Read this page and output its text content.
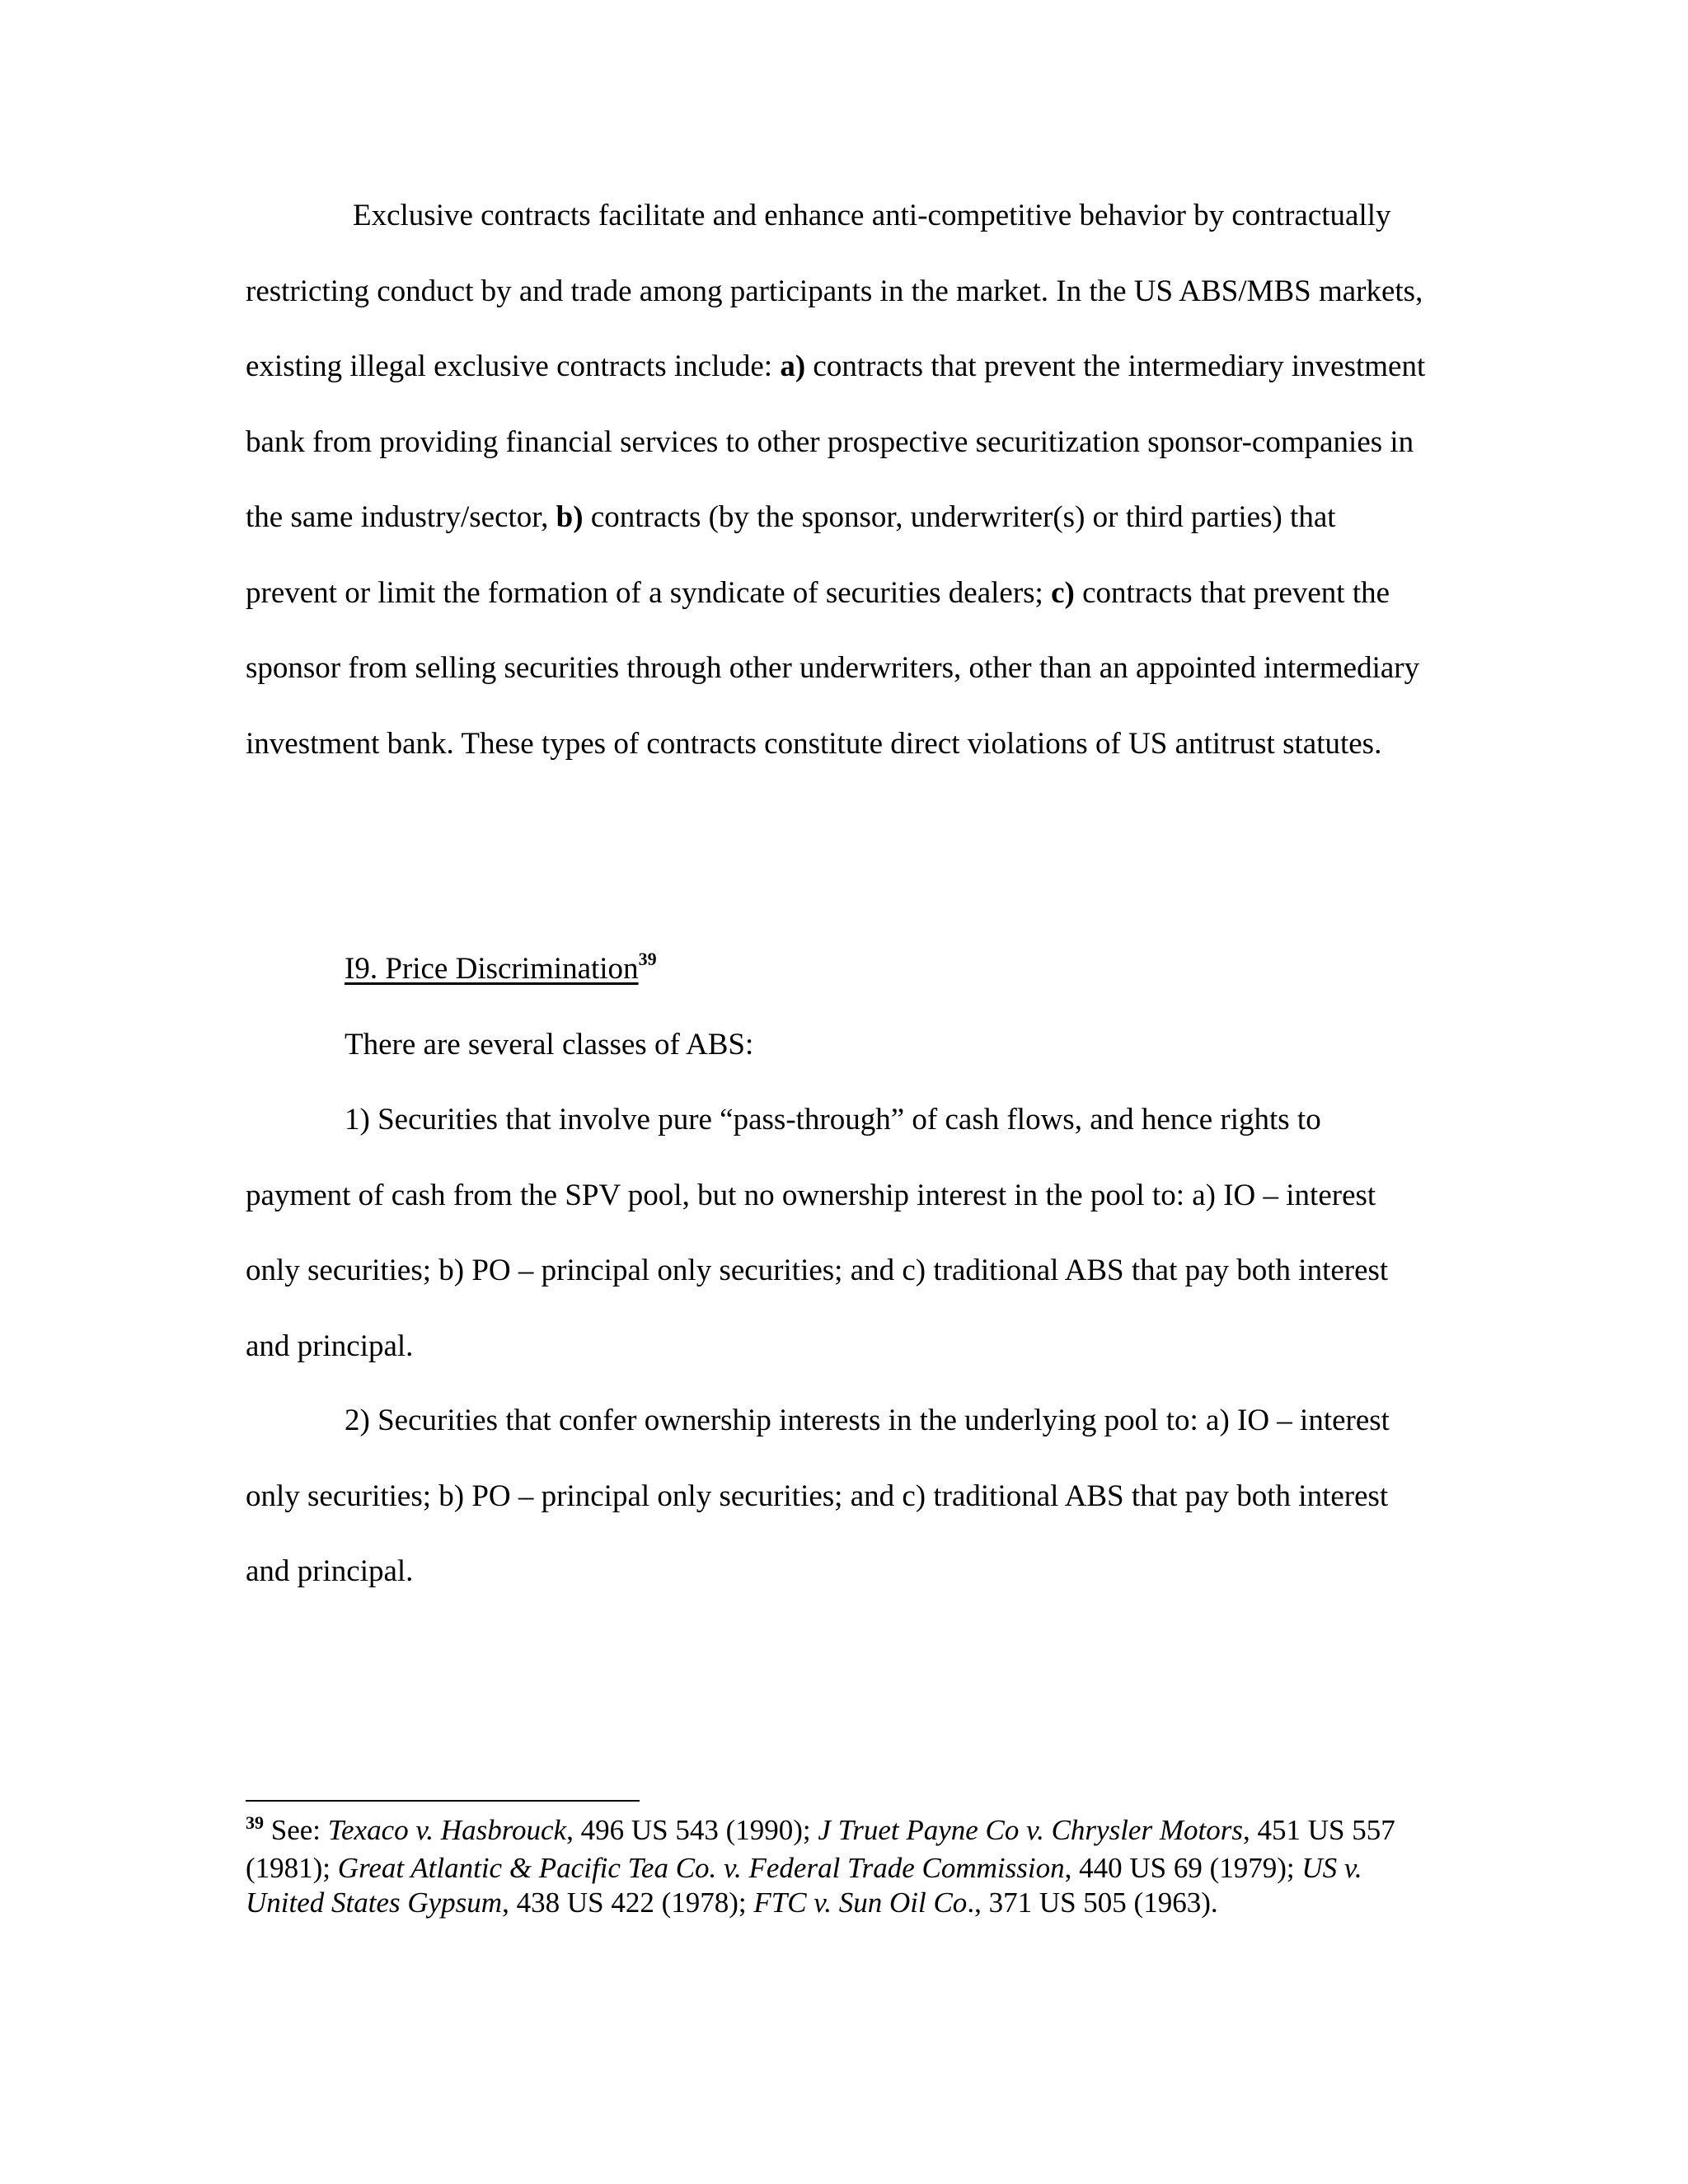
Exclusive contracts facilitate and enhance anti-competitive behavior by contractually restricting conduct by and trade among participants in the market. In the US ABS/MBS markets, existing illegal exclusive contracts include: a) contracts that prevent the intermediary investment bank from providing financial services to other prospective securitization sponsor-companies in the same industry/sector, b) contracts (by the sponsor, underwriter(s) or third parties) that prevent or limit the formation of a syndicate of securities dealers; c) contracts that prevent the sponsor from selling securities through other underwriters, other than an appointed intermediary investment bank. These types of contracts constitute direct violations of US antitrust statutes.

I9. Price Discrimination$^{39}$

There are several classes of ABS:

1) Securities that involve pure “pass-through” of cash flows, and hence rights to payment of cash from the SPV pool, but no ownership interest in the pool to: a) IO – interest only securities; b) PO – principal only securities; and c) traditional ABS that pay both interest and principal.

2) Securities that confer ownership interests in the underlying pool to: a) IO – interest only securities; b) PO – principal only securities; and c) traditional ABS that pay both interest and principal.

$^{39}$ See: Texaco v. Hasbrouck, 496 US 543 (1990); J Truet Payne Co v. Chrysler Motors, 451 US 557 (1981); Great Atlantic & Pacific Tea Co. v. Federal Trade Commission, 440 US 69 (1979); US v. United States Gypsum, 438 US 422 (1978); FTC v. Sun Oil Co., 371 US 505 (1963).
